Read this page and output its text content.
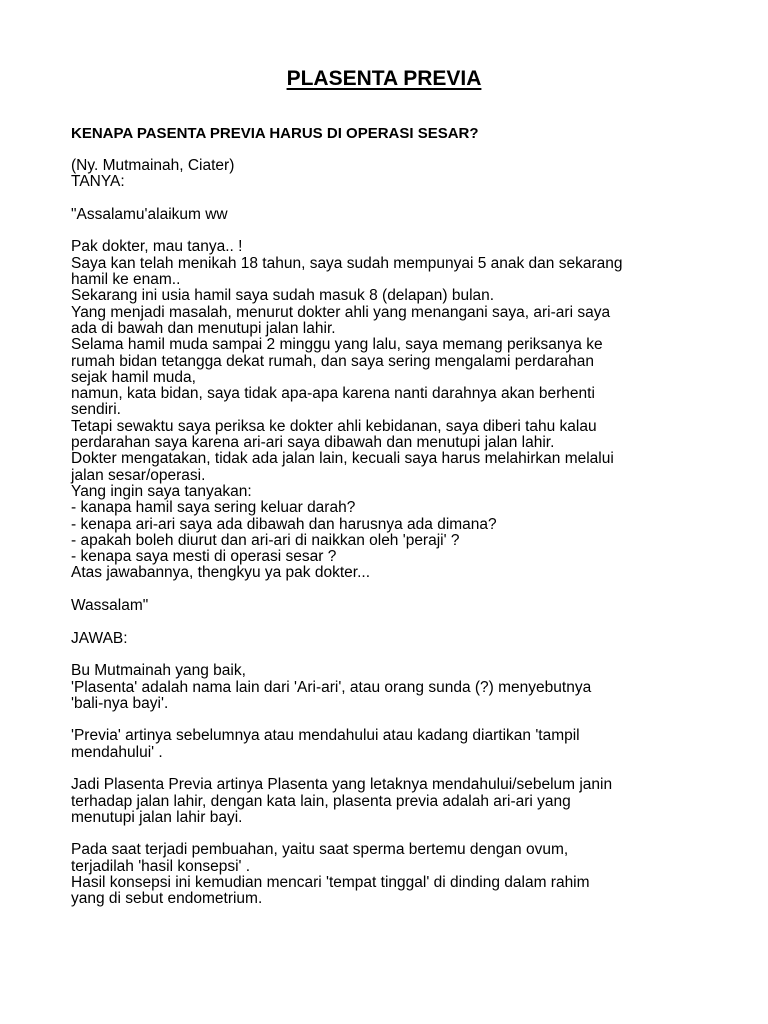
PLASENTA PREVIA
KENAPA PASENTA PREVIA HARUS DI OPERASI SESAR?
(Ny. Mutmainah, Ciater)
TANYA:
"Assalamu'alaikum ww
Pak dokter, mau tanya.. !
Saya kan telah menikah 18 tahun, saya sudah mempunyai 5 anak dan sekarang
hamil ke enam..
Sekarang ini usia hamil saya sudah masuk 8 (delapan) bulan.
Yang menjadi masalah, menurut dokter ahli yang menangani saya, ari-ari saya
ada di bawah dan menutupi jalan lahir.
Selama hamil muda sampai 2 minggu yang lalu, saya memang periksanya ke
rumah bidan tetangga dekat rumah, dan saya sering mengalami perdarahan
sejak hamil muda,
namun, kata bidan, saya tidak apa-apa karena nanti darahnya akan berhenti
sendiri.
Tetapi sewaktu saya periksa ke dokter ahli kebidanan, saya diberi tahu kalau
perdarahan saya karena ari-ari saya dibawah dan menutupi jalan lahir.
Dokter mengatakan, tidak ada jalan lain, kecuali saya harus melahirkan melalui
jalan sesar/operasi.
Yang ingin saya tanyakan:
- kanapa hamil saya sering keluar darah?
- kenapa ari-ari saya ada dibawah dan harusnya ada dimana?
- apakah boleh diurut dan ari-ari di naikkan oleh 'peraji' ?
- kenapa saya mesti di operasi sesar ?
Atas jawabannya, thengkyu ya pak dokter...
Wassalam"
JAWAB:
Bu Mutmainah yang baik,
'Plasenta' adalah nama lain dari 'Ari-ari', atau orang sunda (?) menyebutnya
'bali-nya bayi'.
'Previa' artinya sebelumnya atau mendahului atau kadang diartikan 'tampil
mendahului' .
Jadi Plasenta Previa artinya Plasenta yang letaknya mendahului/sebelum janin
terhadap jalan lahir, dengan kata lain, plasenta previa adalah ari-ari yang
menutupi jalan lahir bayi.
Pada saat terjadi pembuahan, yaitu saat sperma bertemu dengan ovum,
terjadilah 'hasil konsepsi' .
Hasil konsepsi ini kemudian mencari 'tempat tinggal' di dinding dalam rahim
yang di sebut endometrium.
